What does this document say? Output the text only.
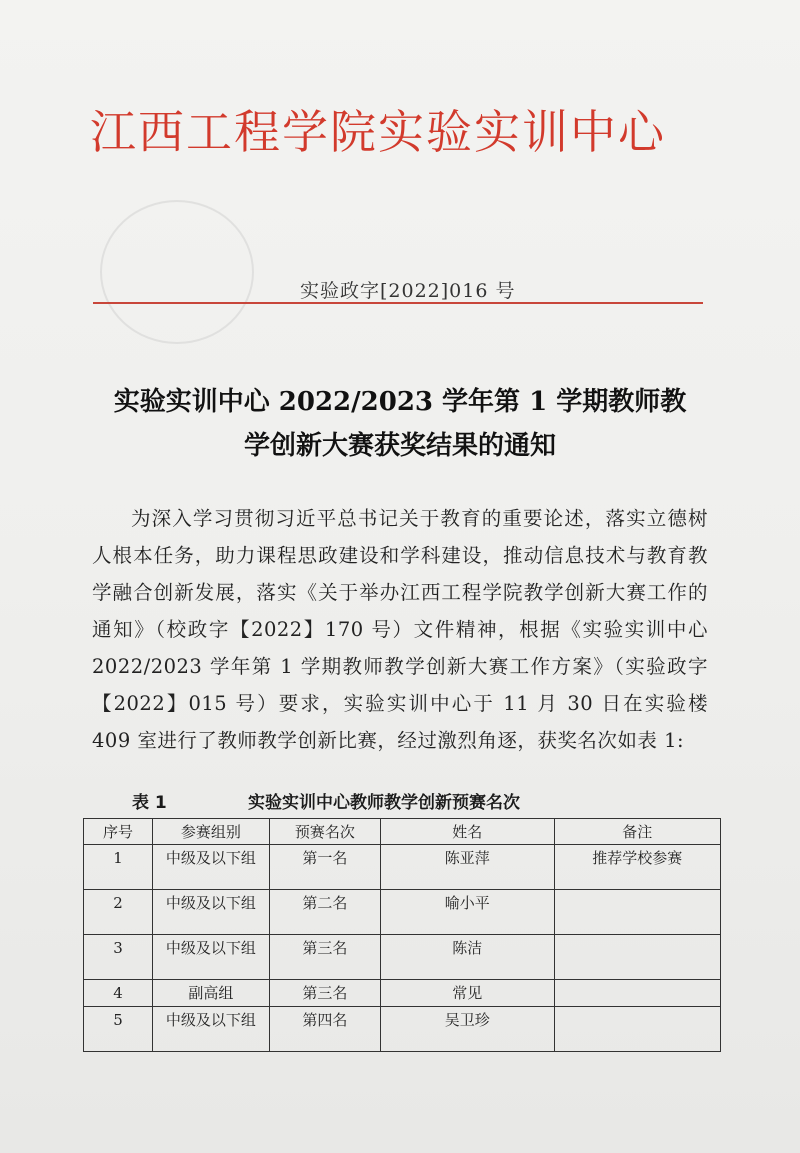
江西工程学院实验实训中心
实验政字[2022]016 号
实验实训中心 2022/2023 学年第 1 学期教师教
学创新大赛获奖结果的通知

为深入学习贯彻习近平总书记关于教育的重要论述，落实立德树人根本任务，助力课程思政建设和学科建设，推动信息技术与教育教学融合创新发展，落实《关于举办江西工程学院教学创新大赛工作的通知》（校政字【2022】170 号）文件精神，根据《实验实训中心 2022/2023 学年第 1 学期教师教学创新大赛工作方案》（实验政字【2022】015 号）要求，实验实训中心于 11 月 30 日在实验楼 409 室进行了教师教学创新比赛，经过激烈角逐，获奖名次如表 1:

表 1	实验实训中心教师教学创新预赛名次
序号	参赛组别	预赛名次	姓名	备注
1	中级及以下组	第一名	陈亚萍	推荐学校参赛
2	中级及以下组	第二名	喻小平	
3	中级及以下组	第三名	陈洁	
4	副高组	第三名	常见	
5	中级及以下组	第四名	吴卫珍	
